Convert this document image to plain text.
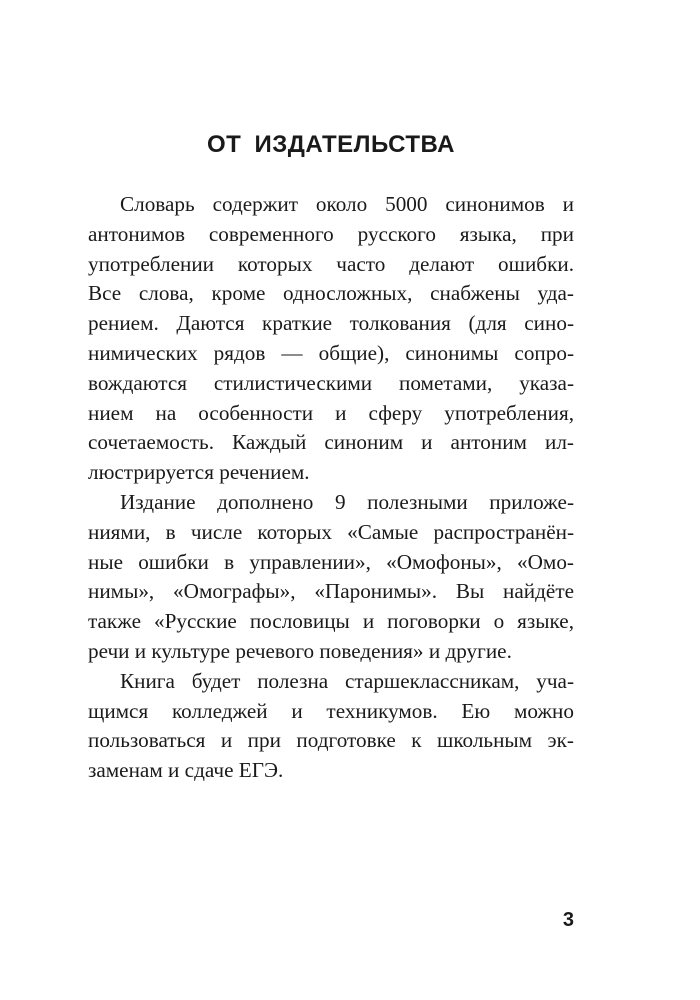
ОТ ИЗДАТЕЛЬСТВА

Словарь содержит около 5000 синонимов и
антонимов современного русского языка, при
употреблении которых часто делают ошибки.
Все слова, кроме односложных, снабжены уда-
рением. Даются краткие толкования (для сино-
нимических рядов — общие), синонимы сопро-
вождаются стилистическими пометами, указа-
нием на особенности и сферу употребления,
сочетаемость. Каждый синоним и антоним ил-
люстрируется речением.

Издание дополнено 9 полезными приложе-
ниями, в числе которых «Самые распространён-
ные ошибки в управлении», «Омофоны», «Омо-
нимы», «Омографы», «Паронимы». Вы найдёте
также «Русские пословицы и поговорки о языке,
речи и культуре речевого поведения» и другие.

Книга будет полезна старшеклассникам, уча-
щимся колледжей и техникумов. Ею можно
пользоваться и при подготовке к школьным эк-
заменам и сдаче ЕГЭ.

3
